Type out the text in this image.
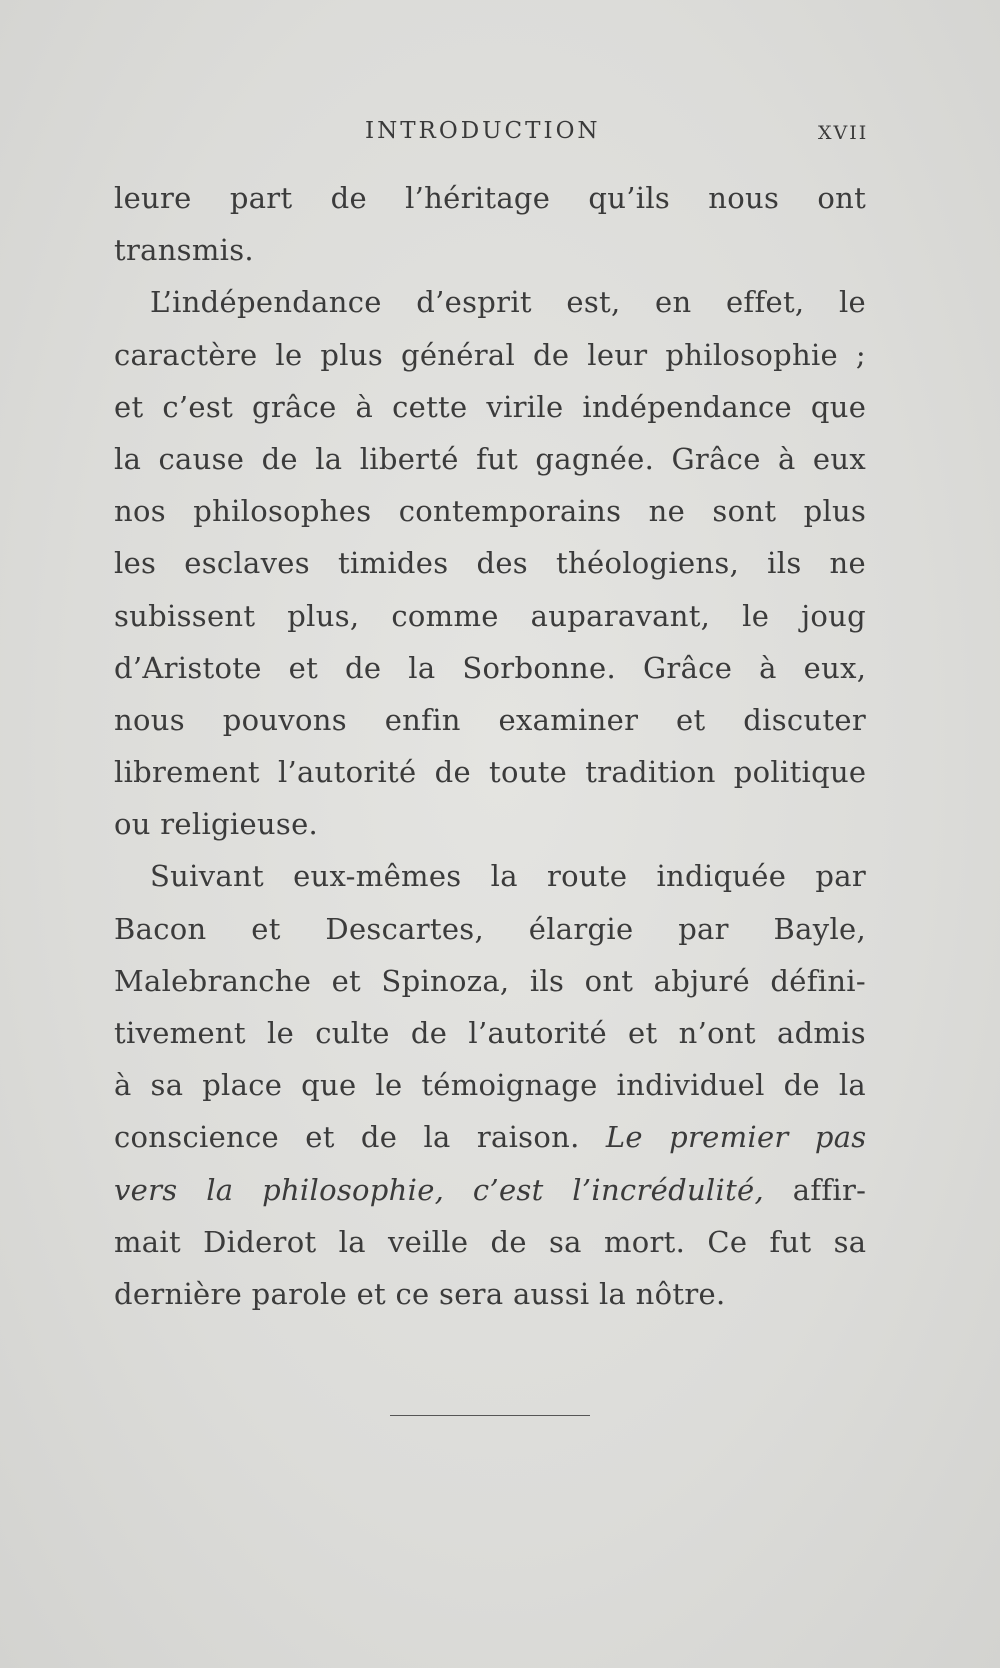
INTRODUCTION	XVII
leure part de l’héritage qu’ils nous ont
transmis.
L’indépendance d’esprit est, en effet, le
caractère le plus général de leur philosophie ;
et c’est grâce à cette virile indépendance que
la cause de la liberté fut gagnée. Grâce à eux
nos philosophes contemporains ne sont plus
les esclaves timides des théologiens, ils ne
subissent plus, comme auparavant, le joug
d’Aristote et de la Sorbonne. Grâce à eux,
nous pouvons enfin examiner et discuter
librement l’autorité de toute tradition politique
ou religieuse.
Suivant eux-mêmes la route indiquée par
Bacon et Descartes, élargie par Bayle,
Malebranche et Spinoza, ils ont abjuré défini-
tivement le culte de l’autorité et n’ont admis
à sa place que le témoignage individuel de la
conscience et de la raison. Le premier pas
vers la philosophie, c’est l’incrédulité, affir-
mait Diderot la veille de sa mort. Ce fut sa
dernière parole et ce sera aussi la nôtre.
